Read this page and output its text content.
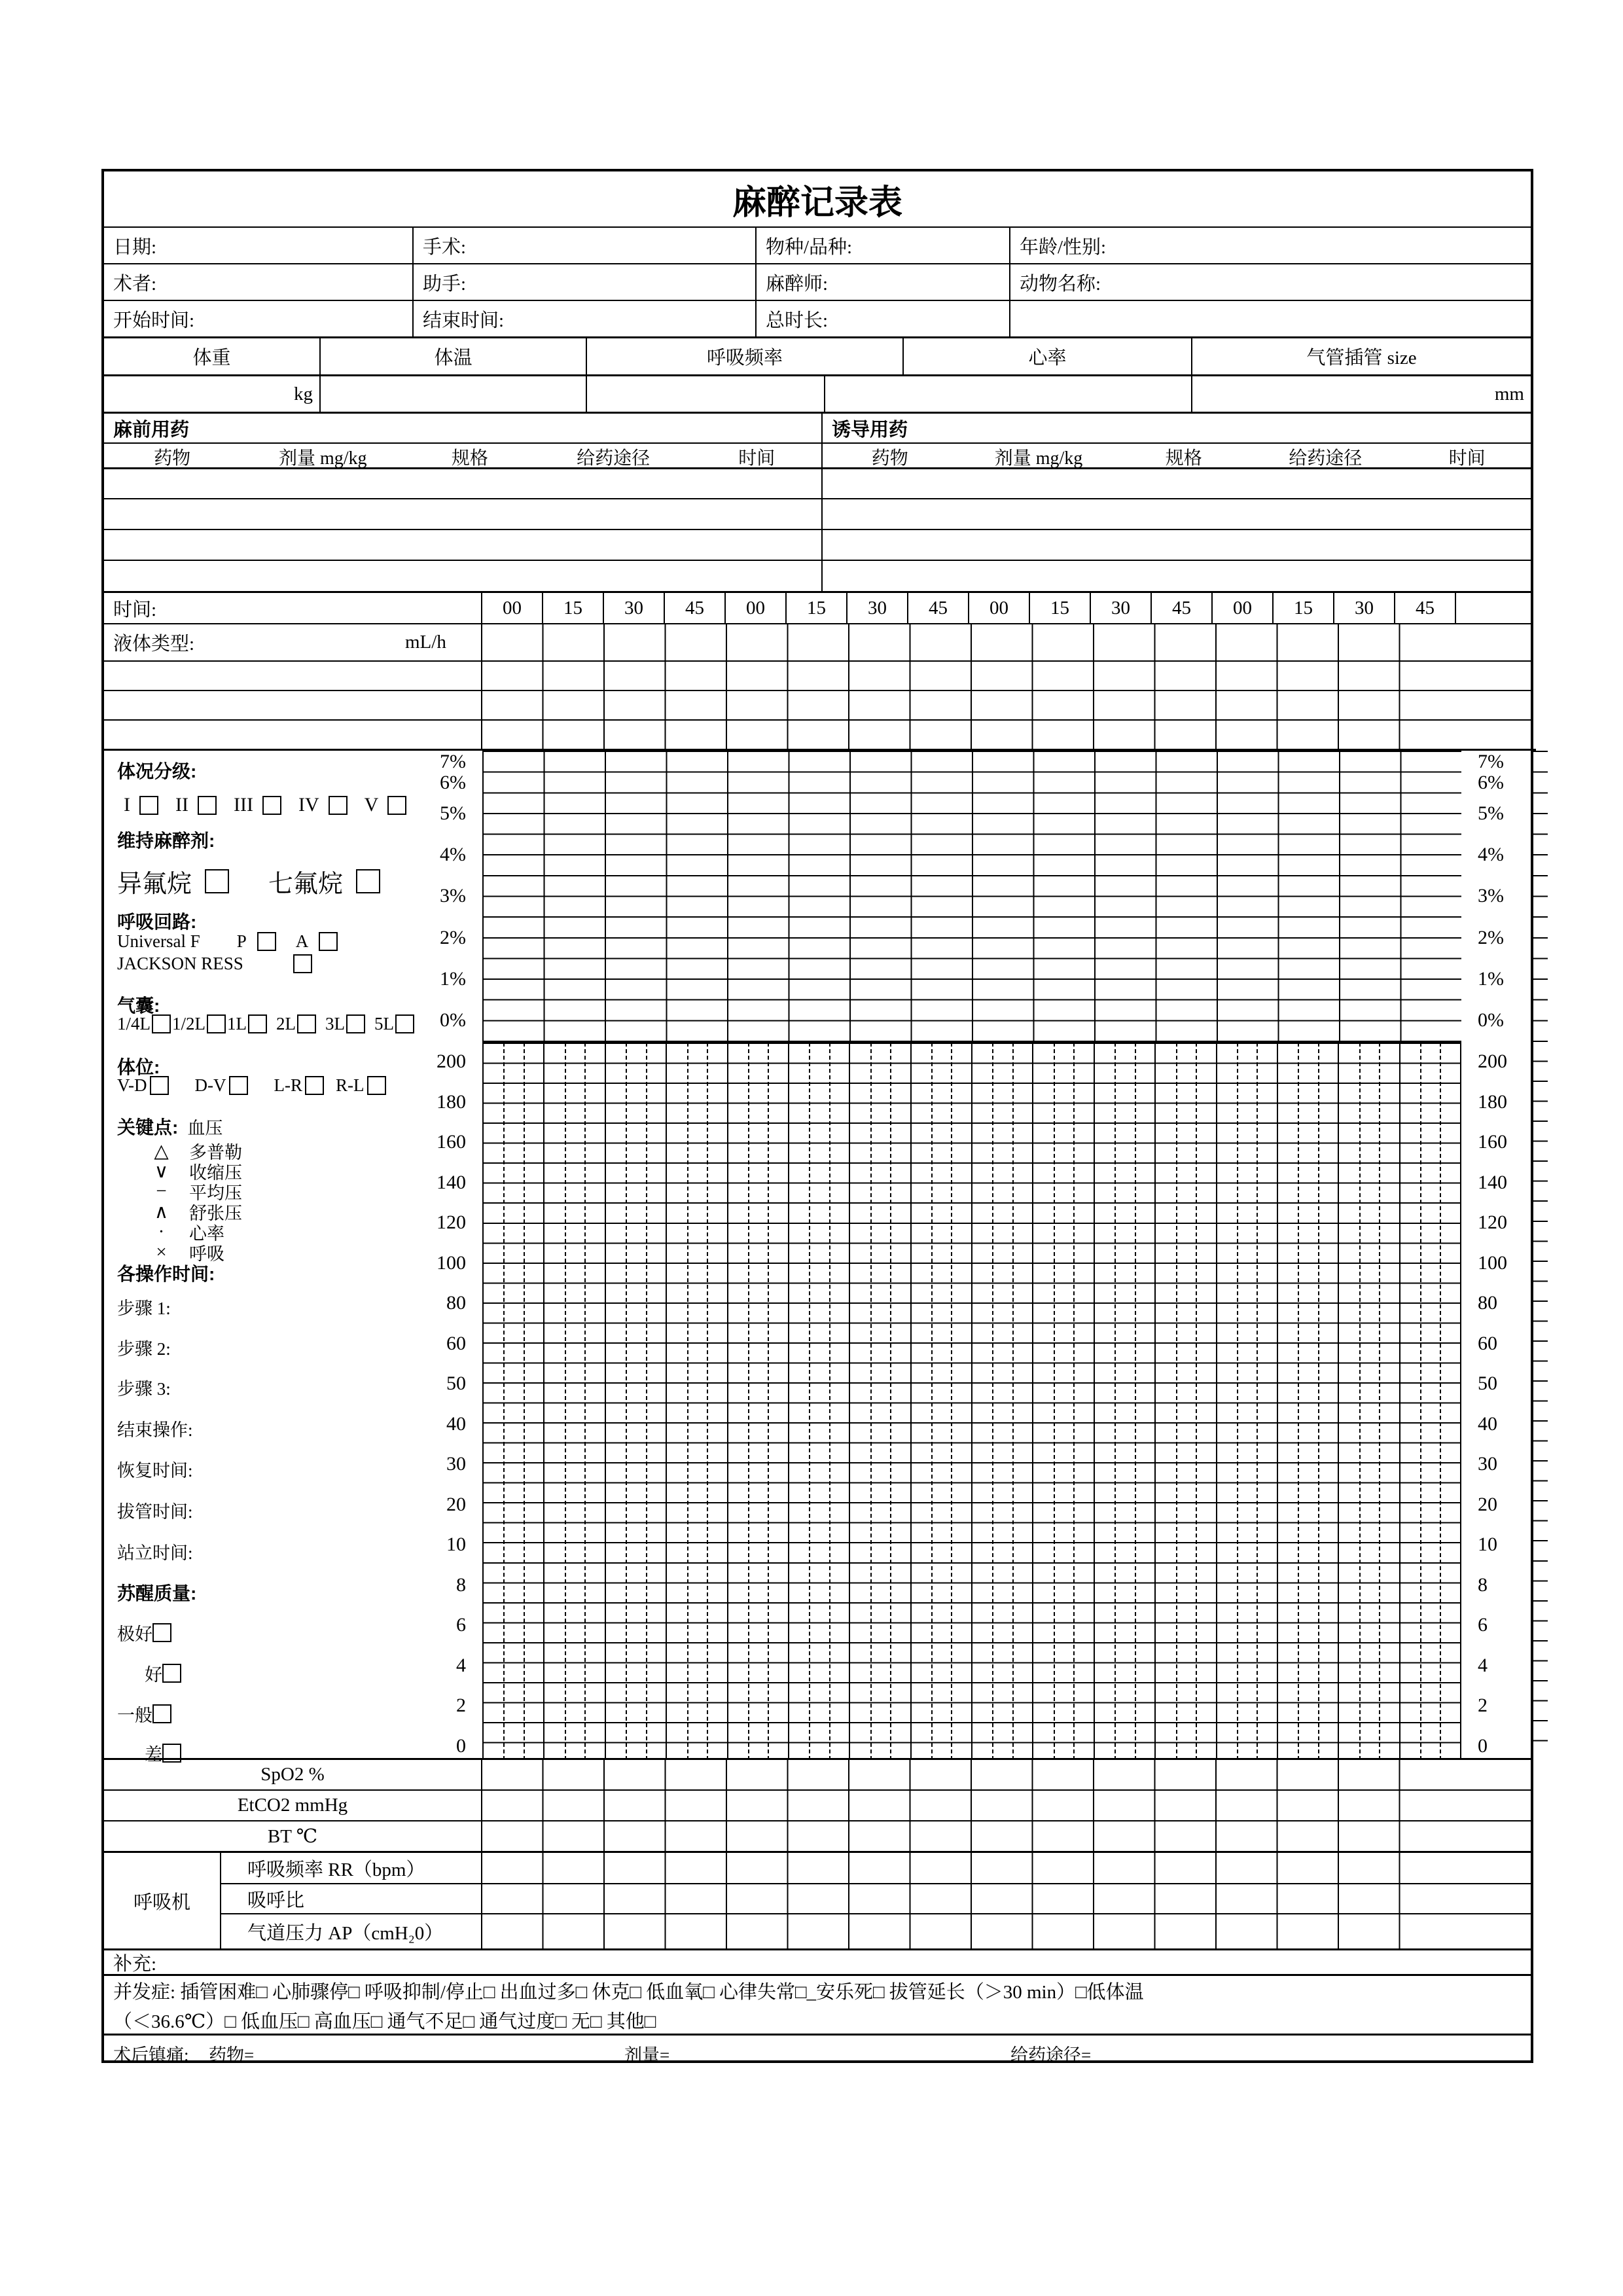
麻醉记录表
日期:	手术:	物种/品种:	年龄/性别:
术者:	助手:	麻醉师:	动物名称:
开始时间:	结束时间:	总时长:
体重	体温	呼吸频率	心率	气管插管 size
kg	mm
麻前用药	诱导用药
药物	剂量 mg/kg	规格	给药途径	时间	药物	剂量 mg/kg	规格	给药途径	时间
时间:	00	15	30	45	00	15	30	45	00	15	30	45	00	15	30	45
液体类型:	mL/h
7%	7%
6%	6%
5%	5%
4%	4%
3%	3%
2%	2%
1%	1%
0%	0%
200	200
180	180
160	160
140	140
120	120
100	100
80	80
60	60
50	50
40	40
30	30
20	20
10	10
8	8
6	6
4	4
2	2
0	0
体况分级:
I II III IV V
维持麻醉剂:
异氟烷	七氟烷
呼吸回路:
Universal F P	A
JACKSON RESS
气囊:
1/4L 1/2L 1L 2L 3L 5L
体位:
V-D	D-V	L-R R-L
关键点: 血压
△	多普勒
∨	收缩压
−	平均压
∧	舒张压
·	心率
×	呼吸
各操作时间:
步骤 1:
步骤 2:
步骤 3:
结束操作:
恢复时间:
拔管时间:
站立时间:
苏醒质量:
极好
好
一般
差
SpO2 %
EtCO2 mmHg
BT ℃
呼吸机
呼吸频率 RR（bpm）
吸呼比
气道压力 AP（cmH₂0）
补充:
并发症: 插管困难□ 心肺骤停□ 呼吸抑制/停止□ 出血过多□ 休克□ 低血氧□ 心律失常□_安乐死□ 拔管延长（＞30 min）□低体温
（＜36.6℃）□ 低血压□ 高血压□ 通气不足□ 通气过度□ 无□ 其他□
术后镇痛: 药物=	剂量=	给药途径=
